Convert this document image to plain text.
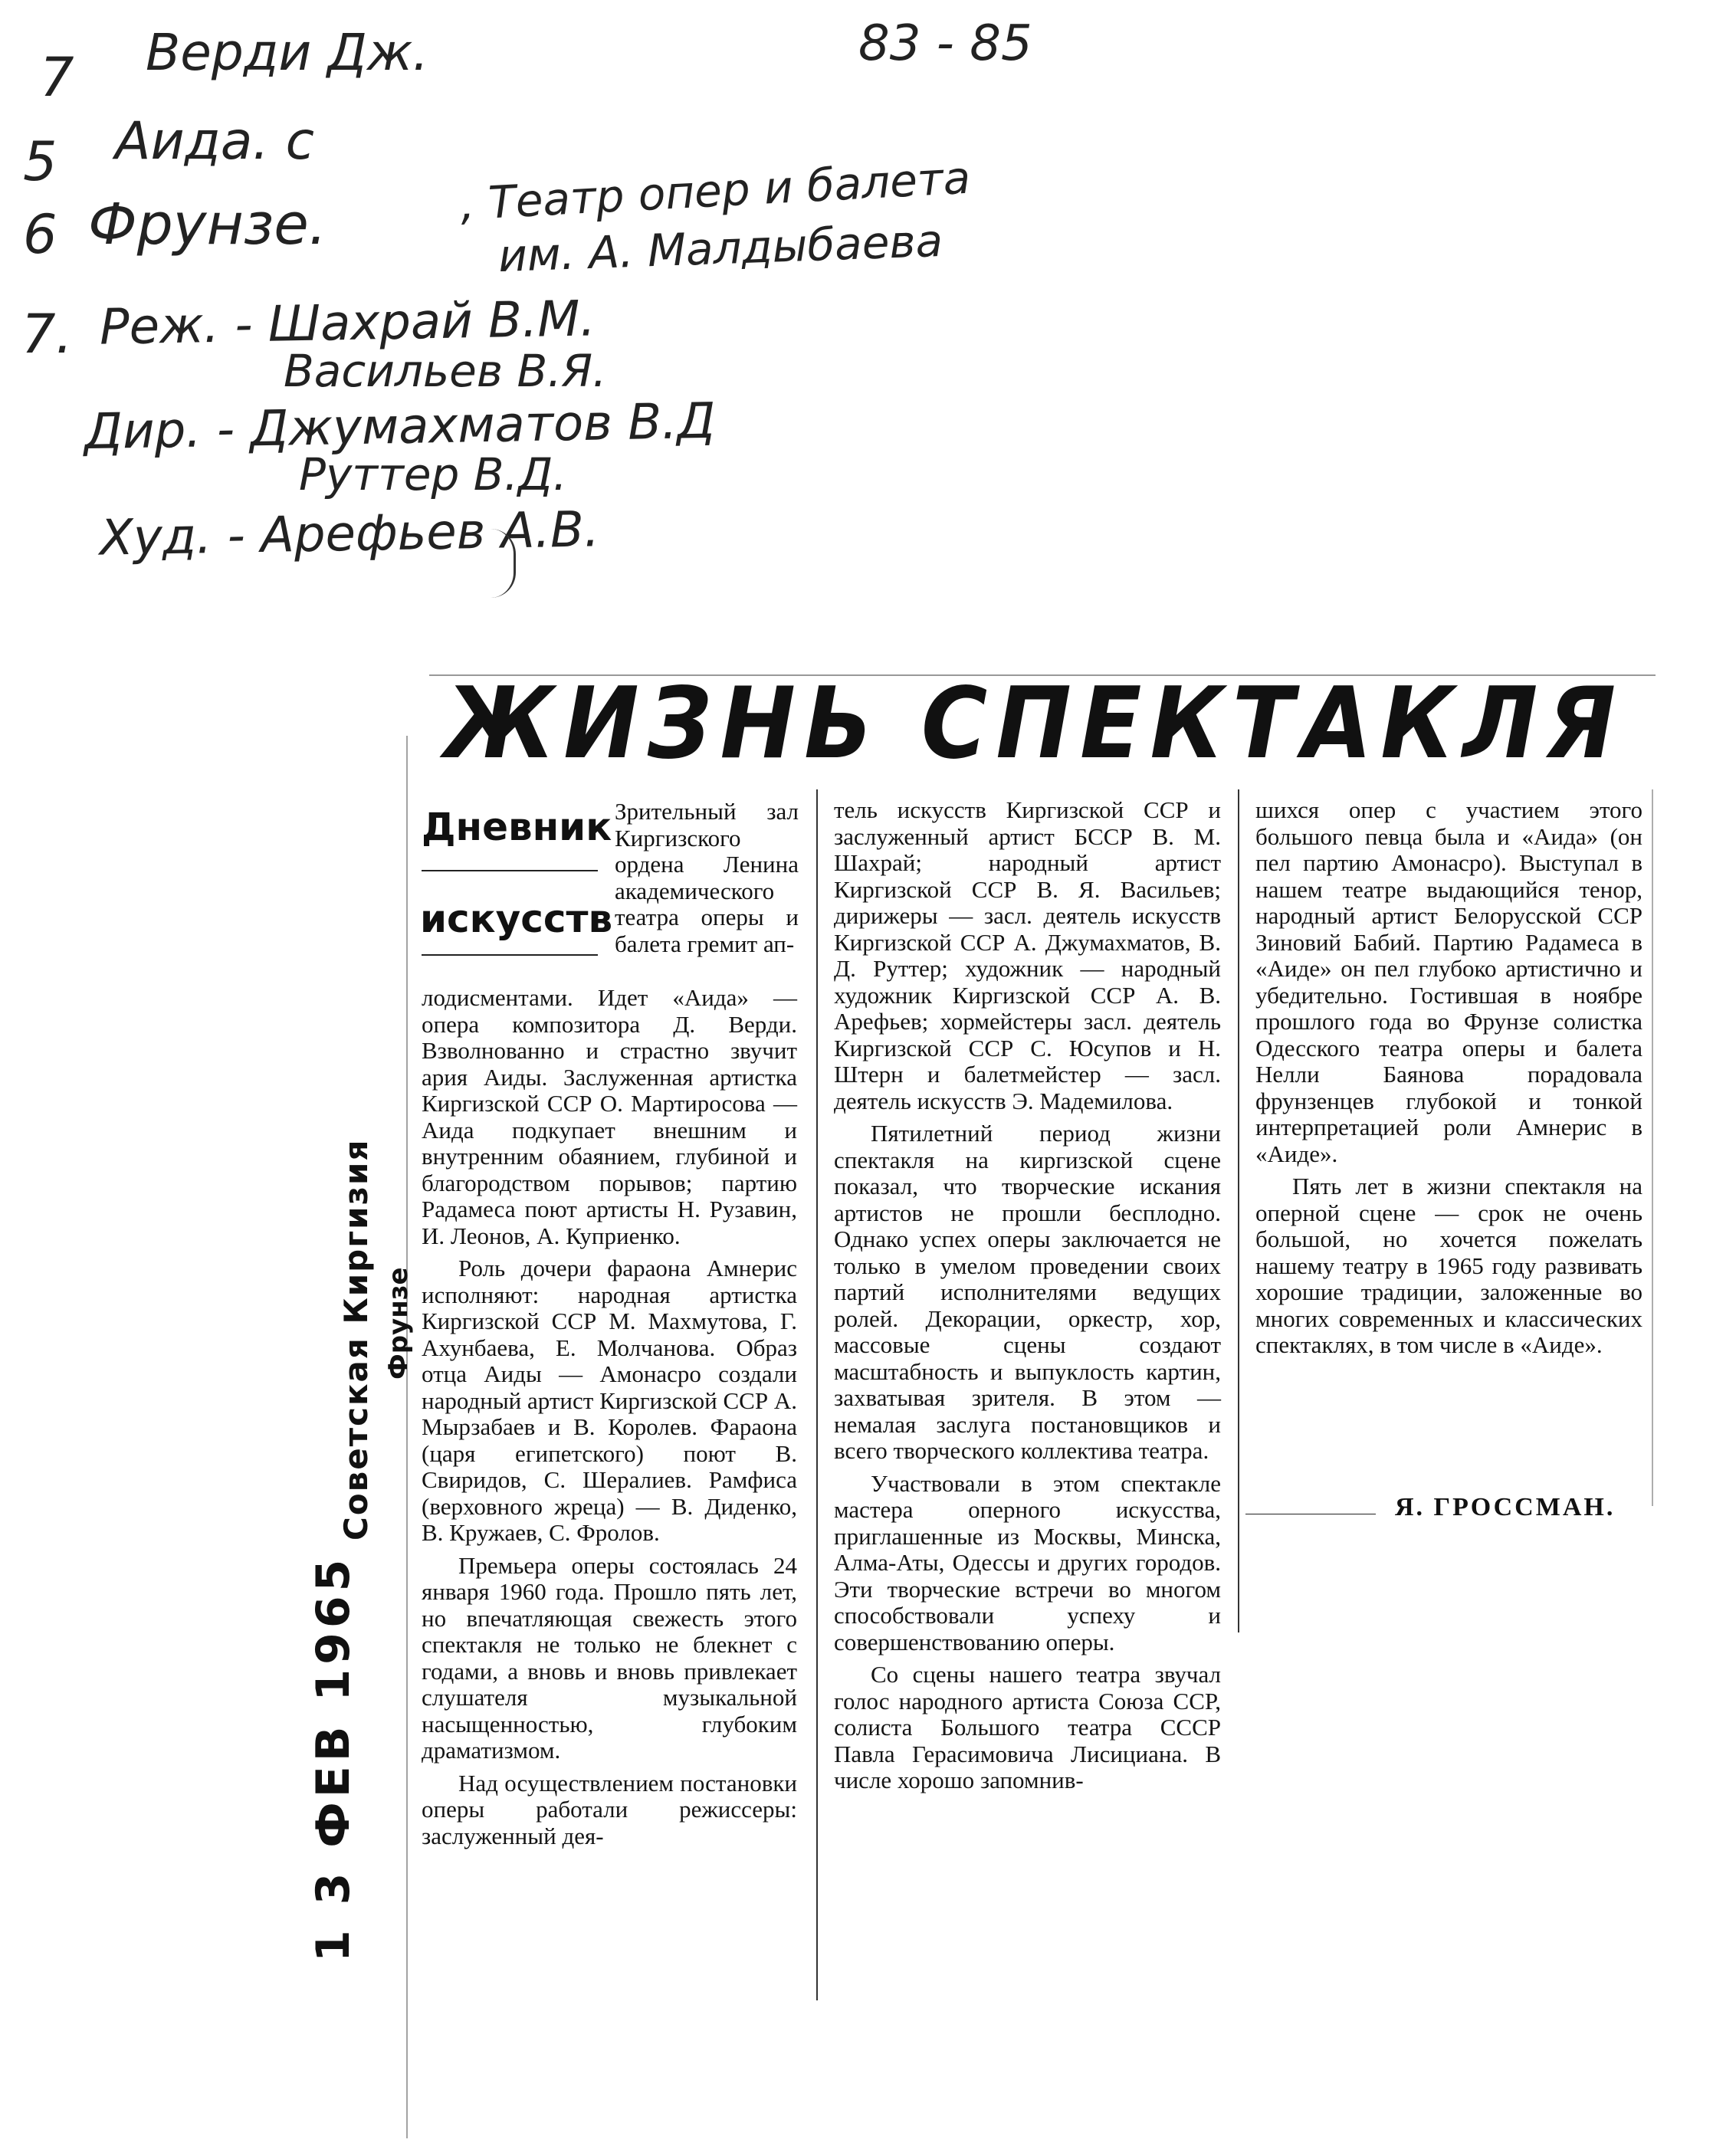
83 - 85
7
5
6
7.
Верди Дж.
Аида. с
Фрунзе.	, Театр опер и балета
им. А. Малдыбаева
Реж. - Шахрай В.М.
Васильев В.Я.
Дир. - Джумахматов В.Д
Руттер В.Д.
Худ. - Арефьев А.В.
ЖИЗНЬ СПЕКТАКЛЯ
Дневник
искусств
Зрительный зал Киргизского ордена Ленина академического театра оперы и балета гремит ап-

лодисментами. Идет «Аида» — опера композитора Д. Верди. Взволнованно и страстно звучит ария Аиды. Заслуженная артистка Киргизской ССР О. Мартиросова — Аида подкупает внешним и внутренним обаянием, глубиной и благородством порывов; партию Радамеса поют артисты Н. Рузавин, И. Леонов, А. Куприенко.

Роль дочери фараона Амнерис исполняют: народная артистка Киргизской ССР М. Махмутова, Г. Ахунбаева, Е. Молчанова. Образ отца Аиды — Амонасро создали народный артист Киргизской ССР А. Мырзабаев и В. Королев. Фараона (царя египетского) поют В. Свиридов, С. Шералиев. Рамфиса (верховного жреца) — В. Диденко, В. Кружаев, С. Фролов.

Премьера оперы состоялась 24 января 1960 года. Прошло пять лет, но впечатляющая свежесть этого спектакля не только не блекнет с годами, а вновь и вновь привлекает слушателя музыкальной насыщенностью, глубоким драматизмом.

Над осуществлением постановки оперы работали режиссеры: заслуженный дея-

тель искусств Киргизской ССР и заслуженный артист БССР В. М. Шахрай; народный артист Киргизской ССР В. Я. Васильев; дирижеры — засл. деятель искусств Киргизской ССР А. Джумахматов, В. Д. Руттер; художник — народный художник Киргизской ССР А. В. Арефьев; хормейстеры засл. деятель Киргизской ССР С. Юсупов и Н. Штерн и балетмейстер — засл. деятель искусств Э. Мадемилова.

Пятилетний период жизни спектакля на киргизской сцене показал, что творческие искания артистов не прошли бесплодно. Однако успех оперы заключается не только в умелом проведении своих партий исполнителями ведущих ролей. Декорации, оркестр, хор, массовые сцены создают масштабность и выпуклость картин, захватывая зрителя. В этом — немалая заслуга постановщиков и всего творческого коллектива театра.

Участвовали в этом спектакле мастера оперного искусства, приглашенные из Москвы, Минска, Алма-Аты, Одессы и других городов. Эти творческие встречи во многом способствовали успеху и совершенствованию оперы.

Со сцены нашего театра звучал голос народного артиста Союза ССР, солиста Большого театра СССР Павла Герасимовича Лисициана. В числе хорошо запомнив-

шихся опер с участием этого большого певца была и «Аида» (он пел партию Амонасро). Выступал в нашем театре выдающийся тенор, народный артист Белорусской ССР Зиновий Бабий. Партию Радамеса в «Аиде» он пел глубоко артистично и убедительно. Гостившая в ноябре прошлого года во Фрунзе солистка Одесского театра оперы и балета Нелли Баянова порадовала фрунзенцев глубокой и тонкой интерпретацией роли Амнерис в «Аиде».

Пять лет в жизни спектакля на оперной сцене — срок не очень большой, но хочется пожелать нашему театру в 1965 году развивать хорошие традиции, заложенные во многих современных и классических спектаклях, в том числе в «Аиде».

Я. ГРОССМАН.
Советская Киргизия Фрунзе
1 3 ФЕВ 1965
